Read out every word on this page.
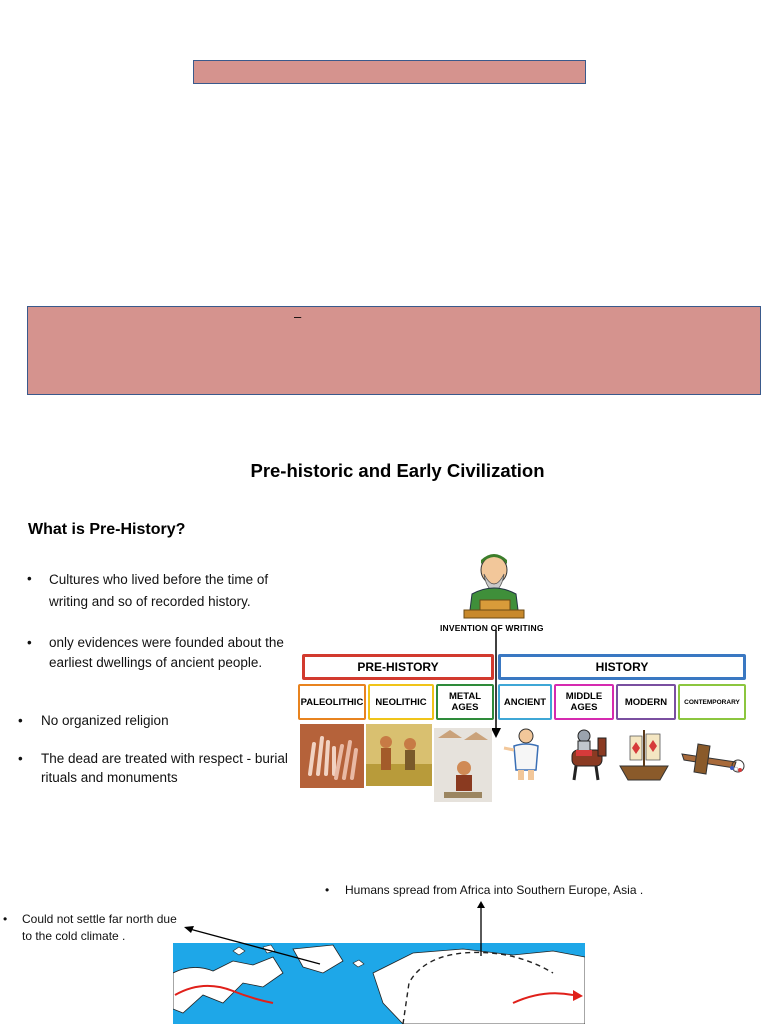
–
Pre-historic and Early Civilization
What is Pre-History?
•	Cultures who lived before the time of writing and so of recorded history.
•	only evidences were founded about the earliest dwellings of ancient people.
•	No organized religion
•	The dead are treated with respect - burial rituals and monuments
INVENTION OF WRITING
PRE-HISTORY	HISTORY
PALEOLITHIC	NEOLITHIC	METAL AGES	ANCIENT	MIDDLE AGES	MODERN	CONTEMPORARY
•	Humans spread from Africa into Southern Europe, Asia .
•	Could not settle far north due to the cold climate .
